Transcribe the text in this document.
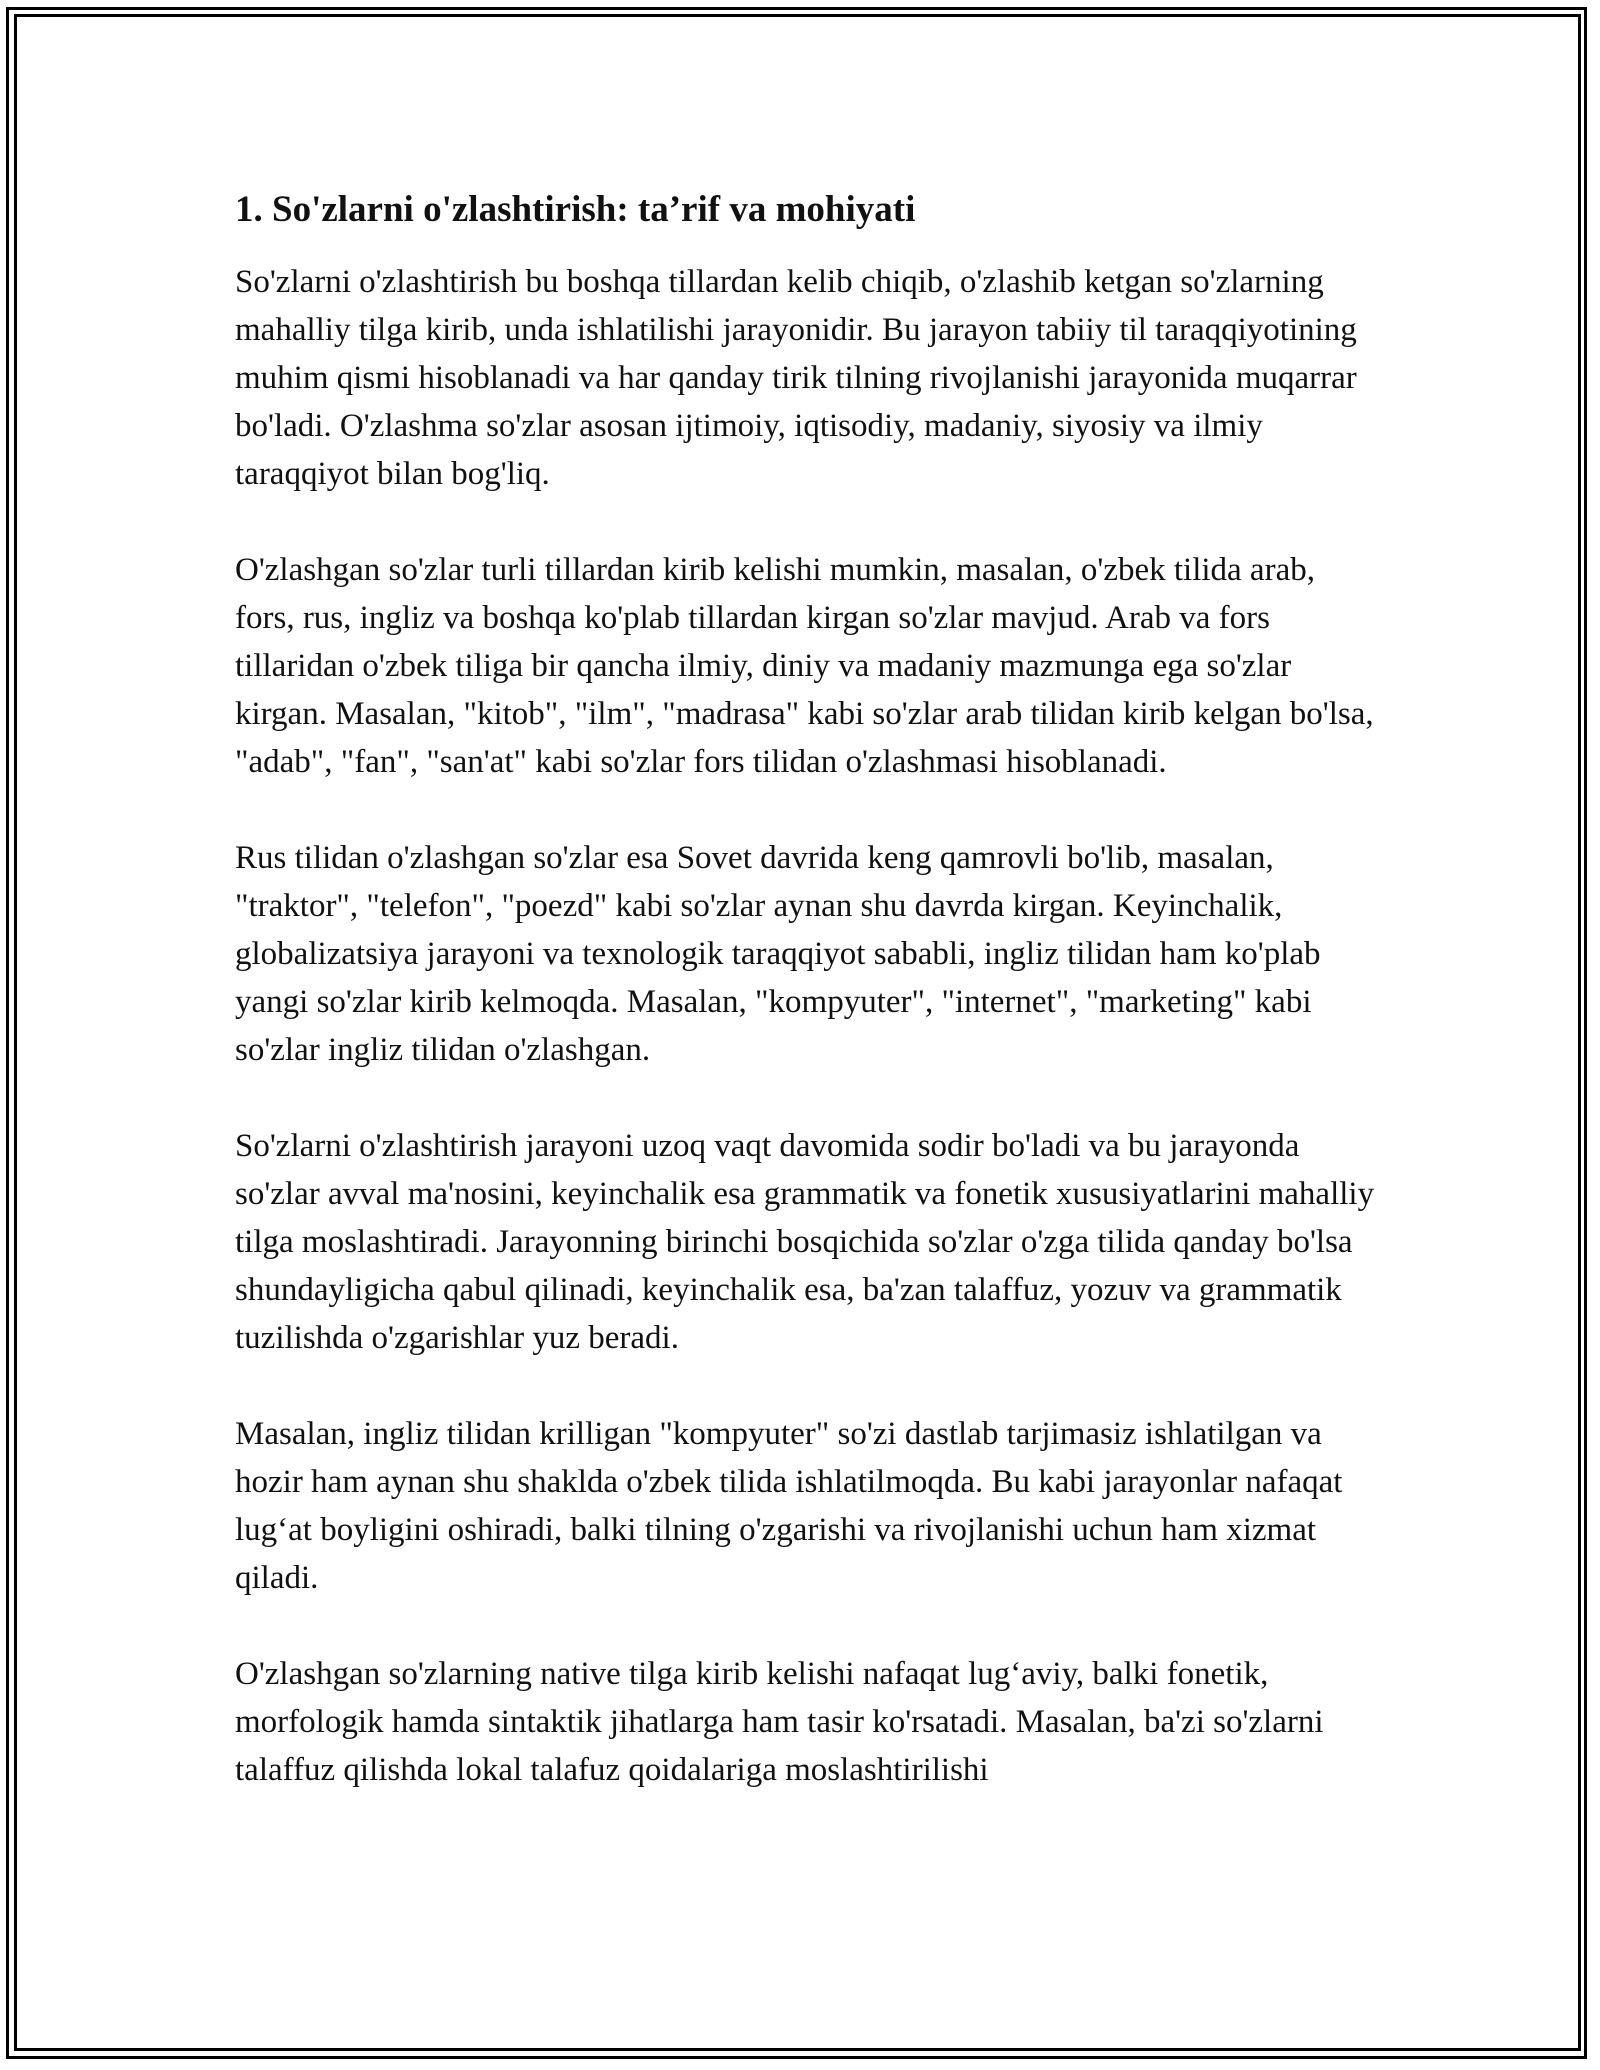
1. So'zlarni o'zlashtirish: ta’rif va mohiyati

So'zlarni o'zlashtirish bu boshqa tillardan kelib chiqib, o'zlashib ketgan so'zlarning mahalliy tilga kirib, unda ishlatilishi jarayonidir. Bu jarayon tabiiy til taraqqiyotining muhim qismi hisoblanadi va har qanday tirik tilning rivojlanishi jarayonida muqarrar bo'ladi. O'zlashma so'zlar asosan ijtimoiy, iqtisodiy, madaniy, siyosiy va ilmiy taraqqiyot bilan bog'liq.

O'zlashgan so'zlar turli tillardan kirib kelishi mumkin, masalan, o'zbek tilida arab, fors, rus, ingliz va boshqa ko'plab tillardan kirgan so'zlar mavjud. Arab va fors tillaridan o'zbek tiliga bir qancha ilmiy, diniy va madaniy mazmunga ega so'zlar kirgan. Masalan, "kitob", "ilm", "madrasa" kabi so'zlar arab tilidan kirib kelgan bo'lsa, "adab", "fan", "san'at" kabi so'zlar fors tilidan o'zlashmasi hisoblanadi.

Rus tilidan o'zlashgan so'zlar esa Sovet davrida keng qamrovli bo'lib, masalan, "traktor", "telefon", "poezd" kabi so'zlar aynan shu davrda kirgan. Keyinchalik, globalizatsiya jarayoni va texnologik taraqqiyot sababli, ingliz tilidan ham ko'plab yangi so'zlar kirib kelmoqda. Masalan, "kompyuter", "internet", "marketing" kabi so'zlar ingliz tilidan o'zlashgan.

So'zlarni o'zlashtirish jarayoni uzoq vaqt davomida sodir bo'ladi va bu jarayonda so'zlar avval ma'nosini, keyinchalik esa grammatik va fonetik xususiyatlarini mahalliy tilga moslashtiradi. Jarayonning birinchi bosqichida so'zlar o'zga tilida qanday bo'lsa shundayligicha qabul qilinadi, keyinchalik esa, ba'zan talaffuz, yozuv va grammatik tuzilishda o'zgarishlar yuz beradi.

Masalan, ingliz tilidan krilligan "kompyuter" so'zi dastlab tarjimasiz ishlatilgan va hozir ham aynan shu shaklda o'zbek tilida ishlatilmoqda. Bu kabi jarayonlar nafaqat lug‘at boyligini oshiradi, balki tilning o'zgarishi va rivojlanishi uchun ham xizmat qiladi.

O'zlashgan so'zlarning native tilga kirib kelishi nafaqat lug‘aviy, balki fonetik, morfologik hamda sintaktik jihatlarga ham tasir ko'rsatadi. Masalan, ba'zi so'zlarni talaffuz qilishda lokal talafuz qoidalariga moslashtirilishi
